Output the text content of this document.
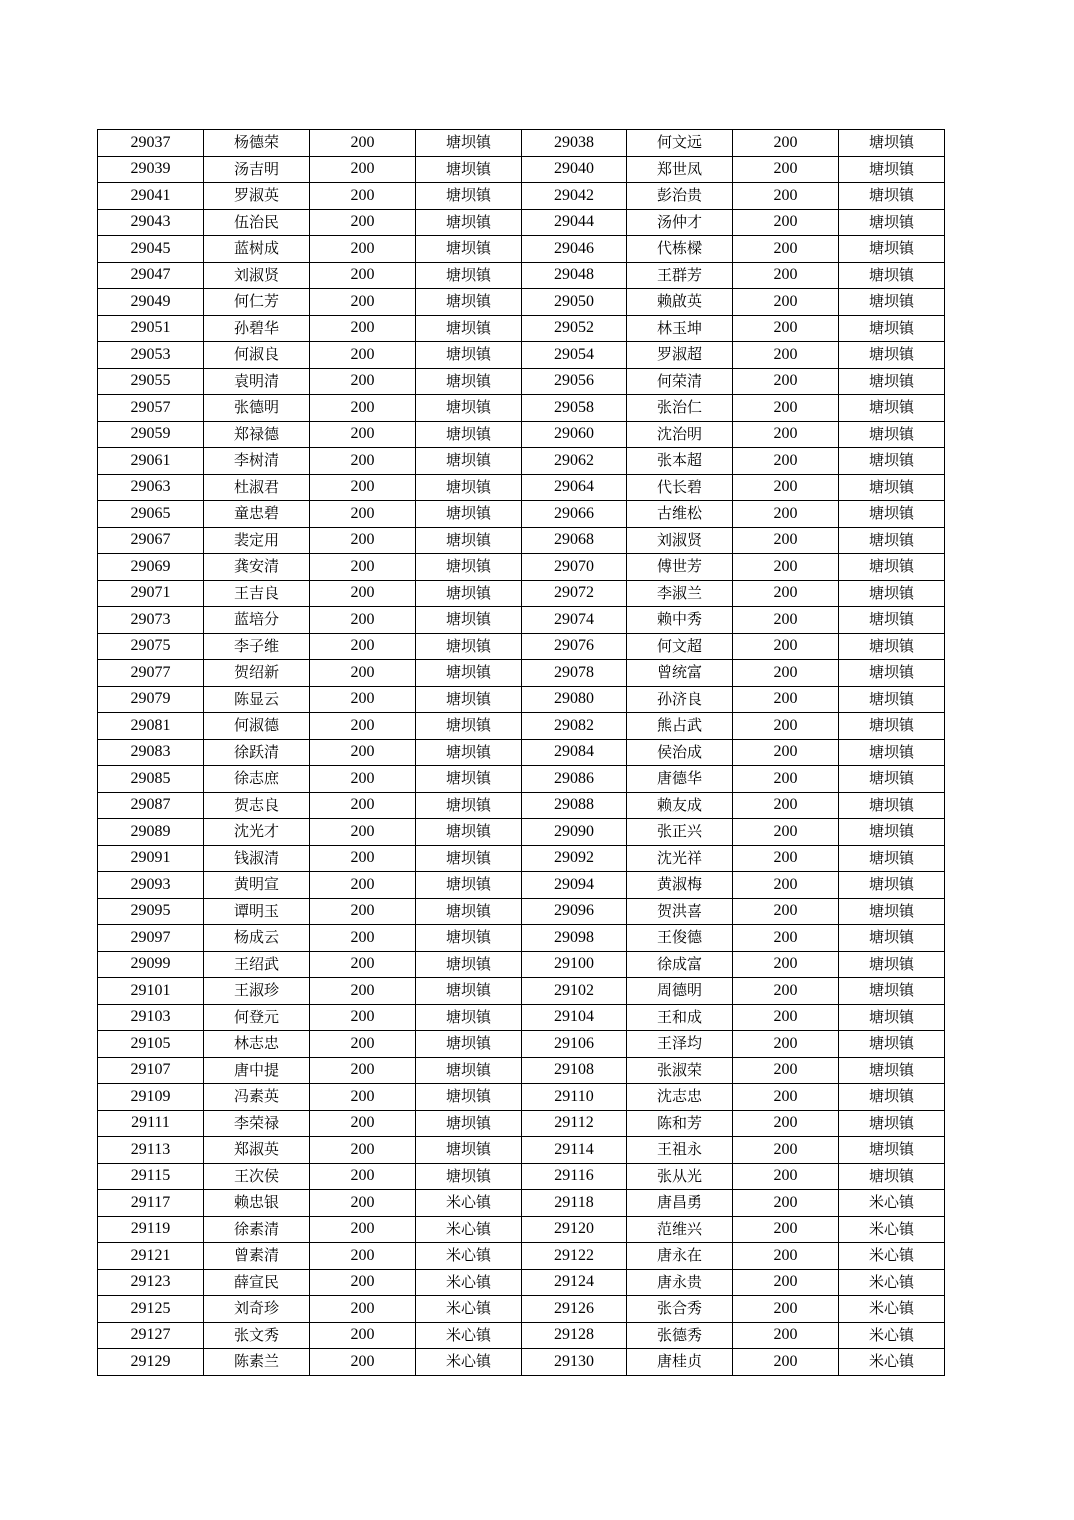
29037	杨德荣	200	塘坝镇	29038	何文远	200	塘坝镇
29039	汤吉明	200	塘坝镇	29040	郑世凤	200	塘坝镇
29041	罗淑英	200	塘坝镇	29042	彭治贵	200	塘坝镇
29043	伍治民	200	塘坝镇	29044	汤仲才	200	塘坝镇
29045	蓝树成	200	塘坝镇	29046	代栋樑	200	塘坝镇
29047	刘淑贤	200	塘坝镇	29048	王群芳	200	塘坝镇
29049	何仁芳	200	塘坝镇	29050	赖啟英	200	塘坝镇
29051	孙碧华	200	塘坝镇	29052	林玉坤	200	塘坝镇
29053	何淑良	200	塘坝镇	29054	罗淑超	200	塘坝镇
29055	袁明清	200	塘坝镇	29056	何荣清	200	塘坝镇
29057	张德明	200	塘坝镇	29058	张治仁	200	塘坝镇
29059	郑禄德	200	塘坝镇	29060	沈治明	200	塘坝镇
29061	李树清	200	塘坝镇	29062	张本超	200	塘坝镇
29063	杜淑君	200	塘坝镇	29064	代长碧	200	塘坝镇
29065	童忠碧	200	塘坝镇	29066	古维松	200	塘坝镇
29067	裴定用	200	塘坝镇	29068	刘淑贤	200	塘坝镇
29069	龚安清	200	塘坝镇	29070	傅世芳	200	塘坝镇
29071	王吉良	200	塘坝镇	29072	李淑兰	200	塘坝镇
29073	蓝培分	200	塘坝镇	29074	赖中秀	200	塘坝镇
29075	李子维	200	塘坝镇	29076	何文超	200	塘坝镇
29077	贺绍新	200	塘坝镇	29078	曾统富	200	塘坝镇
29079	陈显云	200	塘坝镇	29080	孙济良	200	塘坝镇
29081	何淑德	200	塘坝镇	29082	熊占武	200	塘坝镇
29083	徐跃清	200	塘坝镇	29084	侯治成	200	塘坝镇
29085	徐志庶	200	塘坝镇	29086	唐德华	200	塘坝镇
29087	贺志良	200	塘坝镇	29088	赖友成	200	塘坝镇
29089	沈光才	200	塘坝镇	29090	张正兴	200	塘坝镇
29091	钱淑清	200	塘坝镇	29092	沈光祥	200	塘坝镇
29093	黄明宣	200	塘坝镇	29094	黄淑梅	200	塘坝镇
29095	谭明玉	200	塘坝镇	29096	贺洪喜	200	塘坝镇
29097	杨成云	200	塘坝镇	29098	王俊德	200	塘坝镇
29099	王绍武	200	塘坝镇	29100	徐成富	200	塘坝镇
29101	王淑珍	200	塘坝镇	29102	周德明	200	塘坝镇
29103	何登元	200	塘坝镇	29104	王和成	200	塘坝镇
29105	林志忠	200	塘坝镇	29106	王泽均	200	塘坝镇
29107	唐中提	200	塘坝镇	29108	张淑荣	200	塘坝镇
29109	冯素英	200	塘坝镇	29110	沈志忠	200	塘坝镇
29111	李荣禄	200	塘坝镇	29112	陈和芳	200	塘坝镇
29113	郑淑英	200	塘坝镇	29114	王祖永	200	塘坝镇
29115	王次侯	200	塘坝镇	29116	张从光	200	塘坝镇
29117	赖忠银	200	米心镇	29118	唐昌勇	200	米心镇
29119	徐素清	200	米心镇	29120	范维兴	200	米心镇
29121	曾素清	200	米心镇	29122	唐永在	200	米心镇
29123	薛宣民	200	米心镇	29124	唐永贵	200	米心镇
29125	刘奇珍	200	米心镇	29126	张合秀	200	米心镇
29127	张文秀	200	米心镇	29128	张德秀	200	米心镇
29129	陈素兰	200	米心镇	29130	唐桂贞	200	米心镇
